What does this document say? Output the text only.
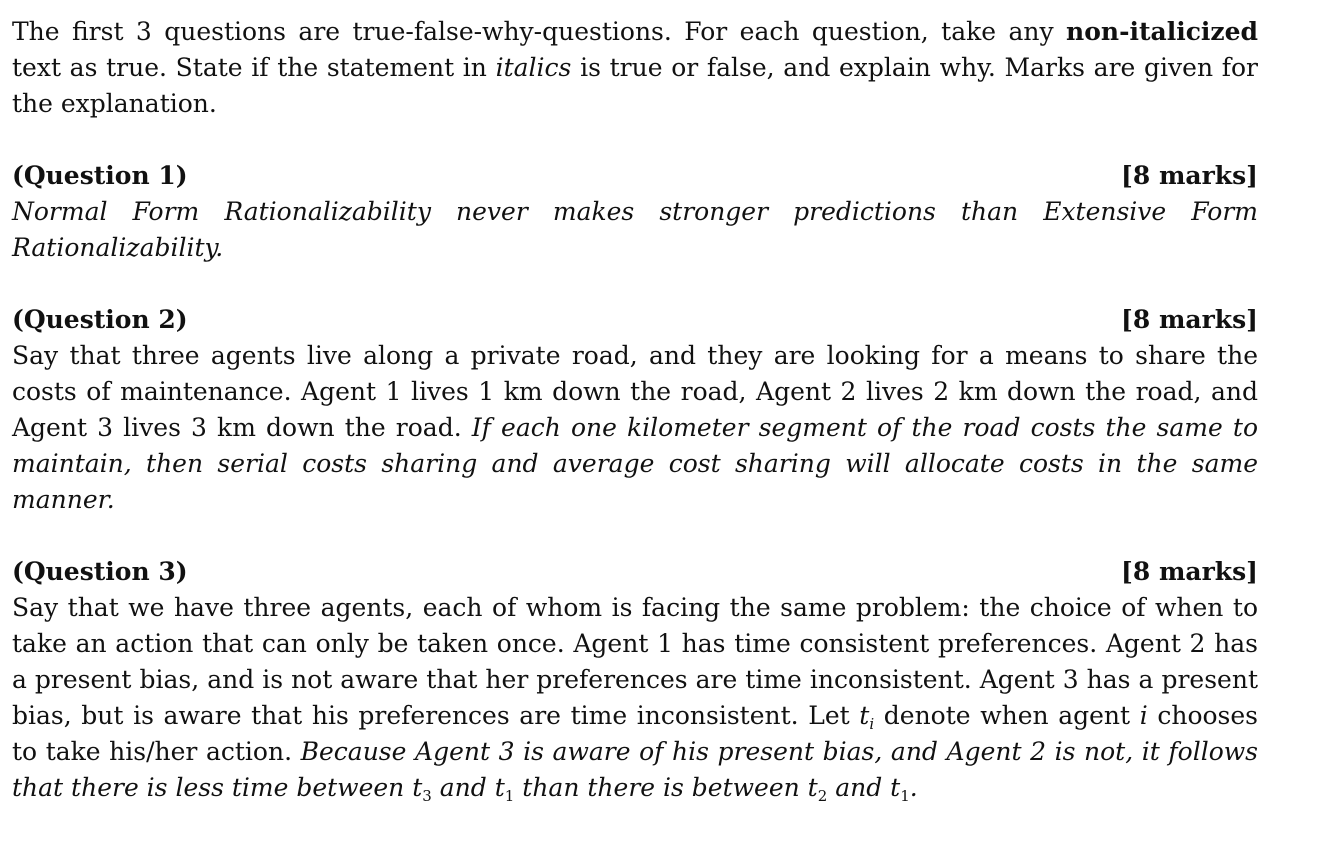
The first 3 questions are true-false-why-questions. For each question, take any non-italicized text as true. State if the statement in italics is true or false, and explain why. Marks are given for the explanation.

(Question 1)	[8 marks]

Normal Form Rationalizability never makes stronger predictions than Extensive Form Rationalizability.

(Question 2)	[8 marks]

Say that three agents live along a private road, and they are looking for a means to share the costs of maintenance. Agent 1 lives 1 km down the road, Agent 2 lives 2 km down the road, and Agent 3 lives 3 km down the road. If each one kilometer segment of the road costs the same to maintain, then serial costs sharing and average cost sharing will allocate costs in the same manner.

(Question 3)	[8 marks]

Say that we have three agents, each of whom is facing the same problem: the choice of when to take an action that can only be taken once. Agent 1 has time consistent preferences. Agent 2 has a present bias, and is not aware that her preferences are time inconsistent. Agent 3 has a present bias, but is aware that his preferences are time inconsistent. Let $t_i$ denote when agent i chooses to take his/her action. Because Agent 3 is aware of his present bias, and Agent 2 is not, it follows that there is less time between $t_3$ and $t_1$ than there is between $t_2$ and $t_1$.
